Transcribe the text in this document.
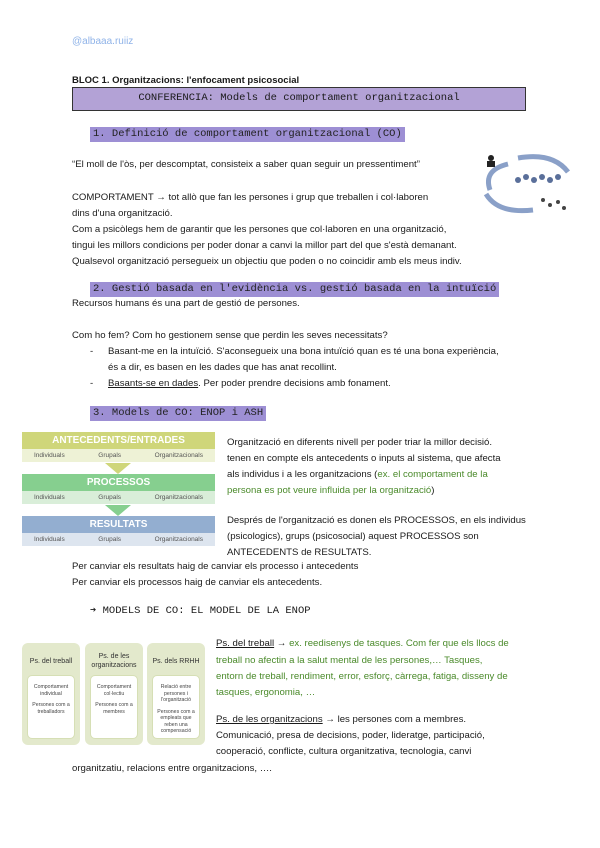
@albaaa.ruiiz
BLOC 1. Organitzacions: l'enfocament psicosocial
CONFERENCIA: Models de comportament organitzacional
1. Definició de comportament organitzacional (CO)
“El moll de l'òs, per descomptat, consisteix a saber quan seguir un pressentiment”
COMPORTAMENT → tot allò que fan les persones i grup que treballen i col·laboren
dins d'una organització.
Com a psicòlegs hem de garantir que les persones que col·laboren en una organització,
tingui les millors condicions per poder donar a canvi la millor part del que s'està demanant.
Qualsevol organització persegueix un objectiu que poden o no coincidir amb els meus indiv.
2. Gestió basada en l'evidència vs. gestió basada en la intuïció
Recursos humans és una part de gestió de persones.
Com ho fem? Com ho gestionem sense que perdin les seves necessitats?
- Basant-me en la intuïció. S'aconsegueix una bona intuïció quan es té una bona experiència,
és a dir, es basen en les dades que has anat recollint.
- Basants-se en dades. Per poder prendre decisions amb fonament.
3. Models de CO: ENOP i ASH
ANTECEDENTS/ENTRADES
Individuals	Grupals	Organitzacionals
PROCESSOS
Individuals	Grupals	Organitzacionals
RESULTATS
Individuals	Grupals	Organitzacionals
Organització en diferents nivell per poder triar la millor decisió.
tenen en compte els antecedents o inputs al sistema, que afecta
als individus i a les organitzacions (ex. el comportament de la
persona es pot veure influida per la organització)
Després de l'organització es donen els PROCESSOS, en els individus
(psicologics), grups (psicosocial) aquest PROCESSOS son
ANTECEDENTS de RESULTATS.
Per canviar els resultats haig de canviar els processo i antecedents
Per canviar els processos haig de canviar els antecedents.
➔ MODELS DE CO: EL MODEL DE LA ENOP
Ps. del treball

Comportament individual

Persones com a treballadors

Ps. de les organitzacions

Comportament col·lectiu

Persones com a membres

Ps. dels RRHH

Relació entre persones i l'organització

Persones com a empleats que reben una compensació

Ps. del treball → ex. reedisenys de tasques. Com fer que els llocs de
treball no afectin a la salut mental de les persones,… Tasques,
entorn de treball, rendiment, error, esforç, càrrega, fatiga, disseny de
tasques, ergonomia, …
Ps. de les organitzacions → les persones com a membres.
Comunicació, presa de decisions, poder, lideratge, participació,
cooperació, conflicte, cultura organitzativa, tecnologia, canvi
organitzatiu, relacions entre organitzacions, ….
